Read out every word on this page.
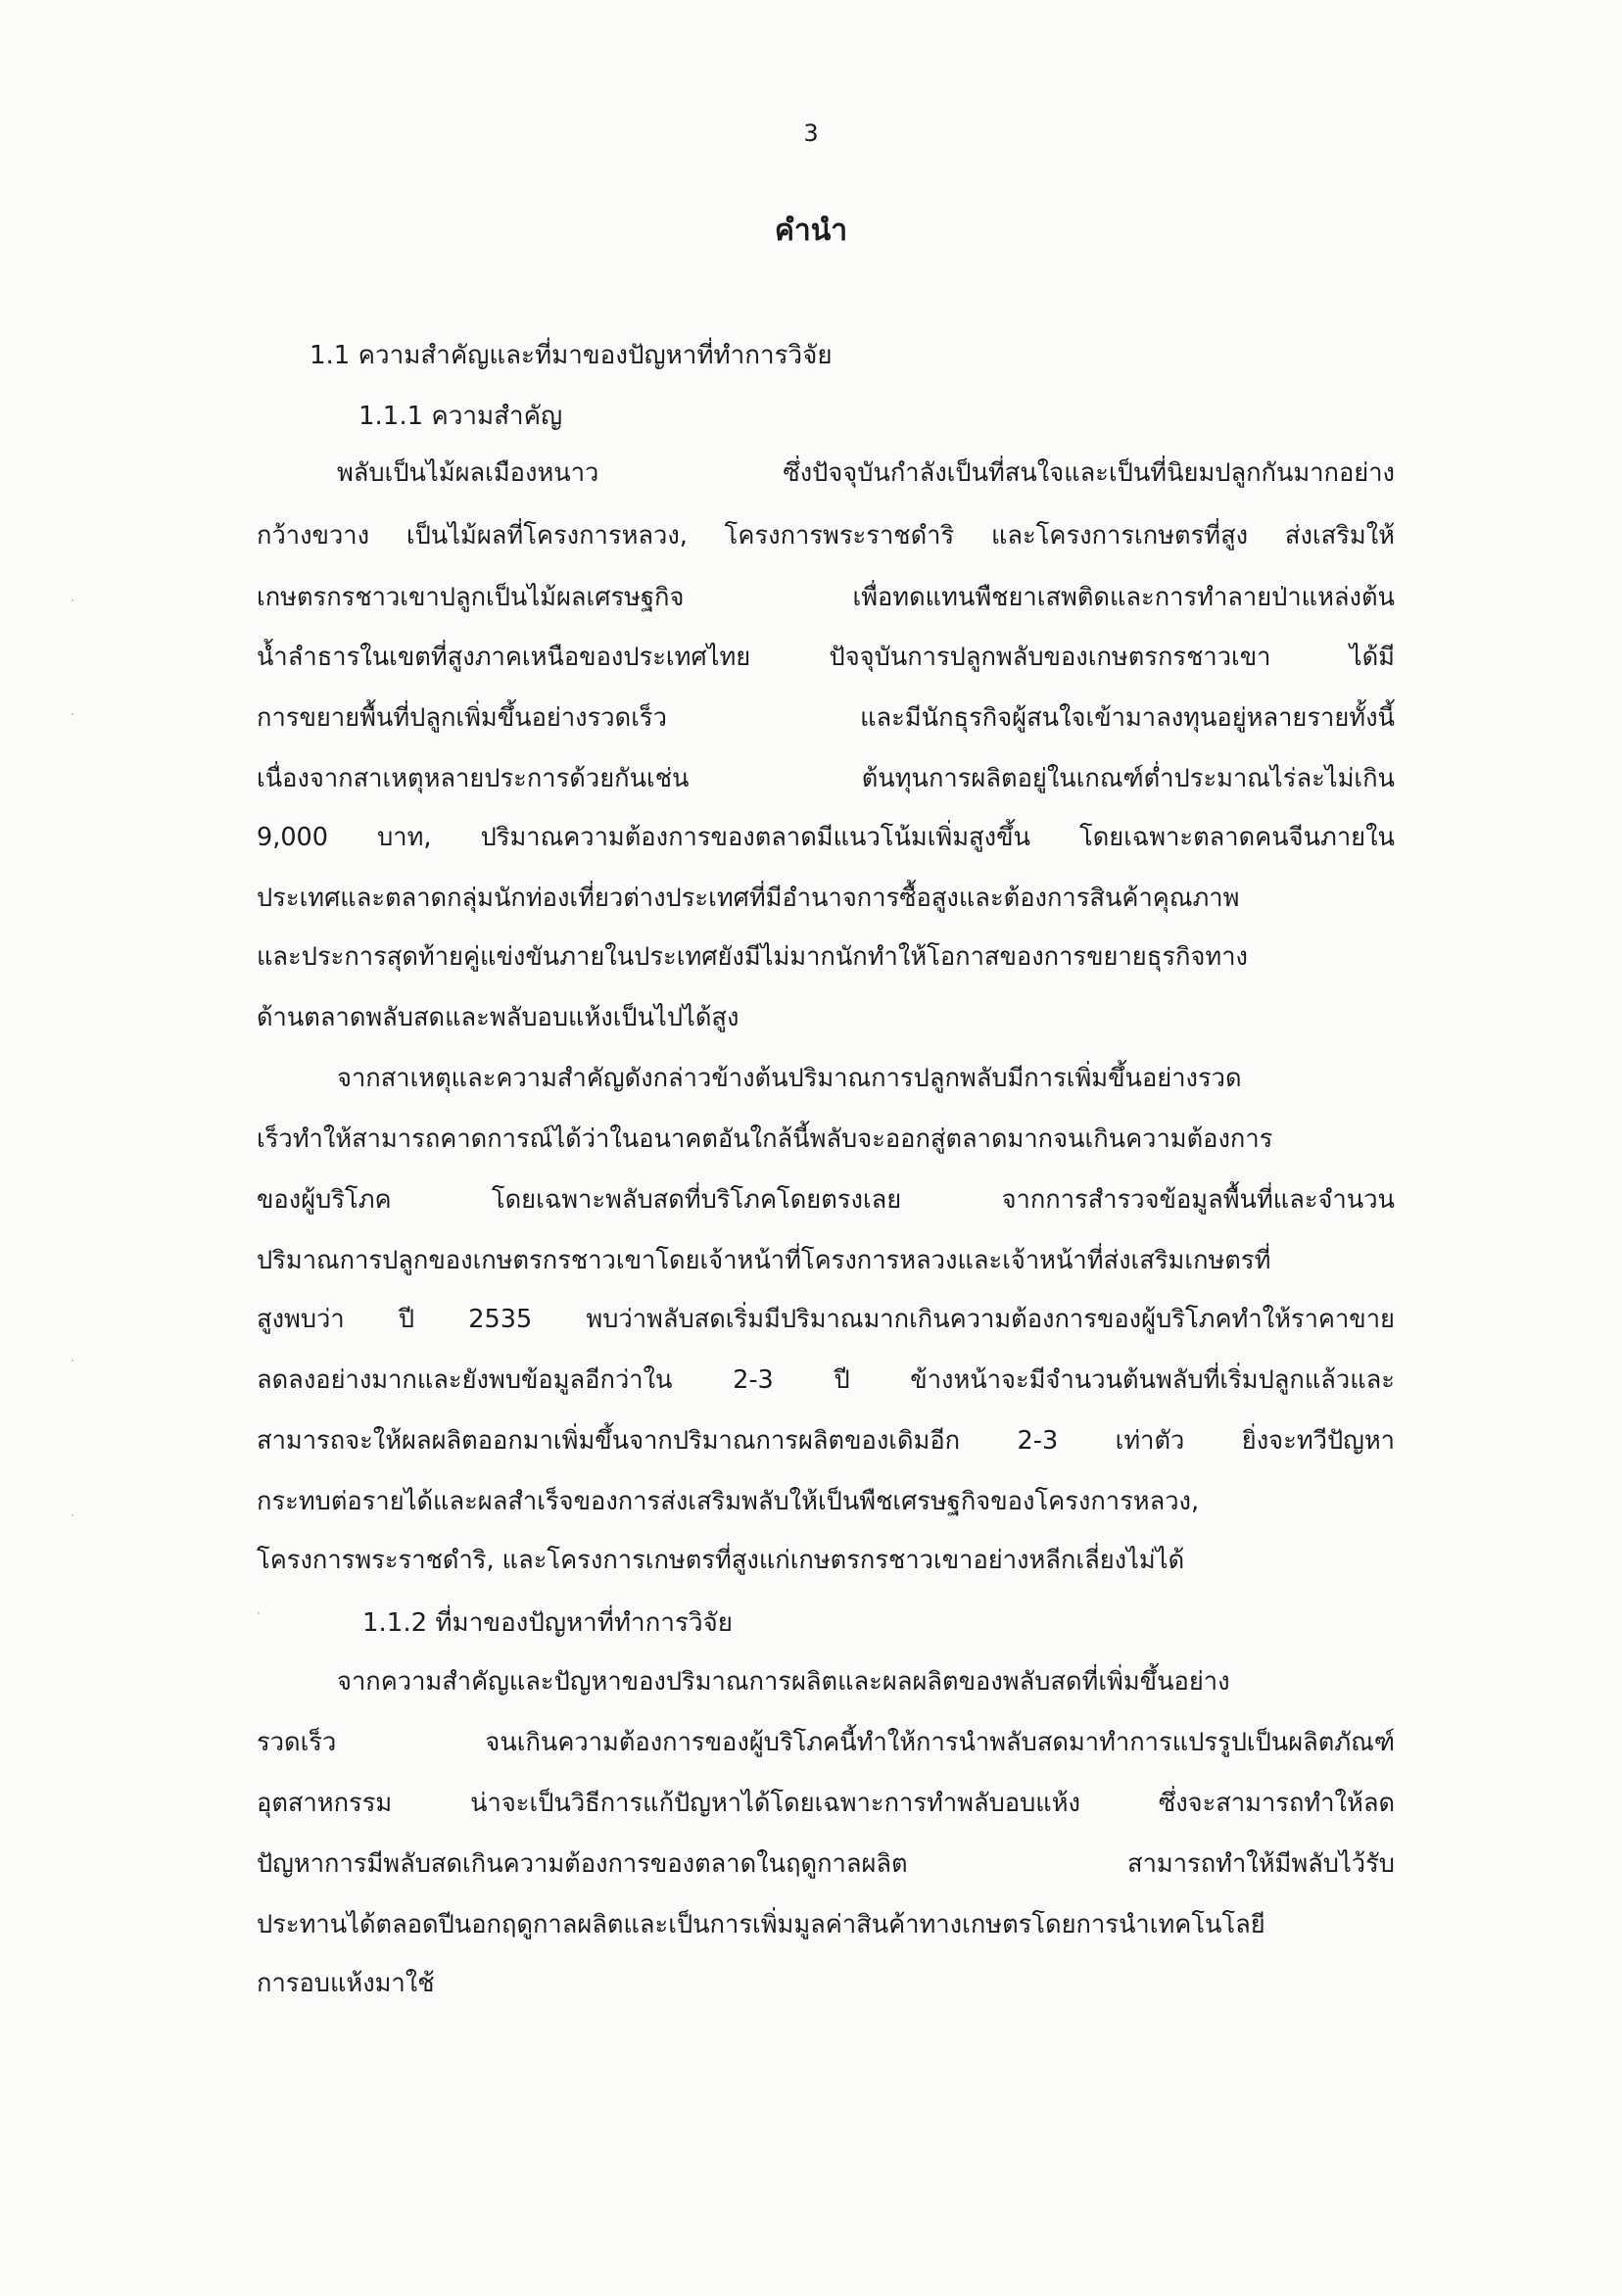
3
คำนำ
1.1 ความสำคัญและที่มาของปัญหาที่ทำการวิจัย
1.1.1 ความสำคัญ
พลับเป็นไม้ผลเมืองหนาว ซึ่งปัจจุบันกำลังเป็นที่สนใจและเป็นที่นิยมปลูกกันมากอย่าง
กว้างขวาง เป็นไม้ผลที่โครงการหลวง, โครงการพระราชดำริ และโครงการเกษตรที่สูง ส่งเสริมให้
เกษตรกรชาวเขาปลูกเป็นไม้ผลเศรษฐกิจ เพื่อทดแทนพืชยาเสพติดและการทำลายป่าแหล่งต้น
น้ำลำธารในเขตที่สูงภาคเหนือของประเทศไทย ปัจจุบันการปลูกพลับของเกษตรกรชาวเขา ได้มี
การขยายพื้นที่ปลูกเพิ่มขึ้นอย่างรวดเร็ว และมีนักธุรกิจผู้สนใจเข้ามาลงทุนอยู่หลายรายทั้งนี้
เนื่องจากสาเหตุหลายประการด้วยกันเช่น ต้นทุนการผลิตอยู่ในเกณฑ์ต่ำประมาณไร่ละไม่เกิน
9,000 บาท, ปริมาณความต้องการของตลาดมีแนวโน้มเพิ่มสูงขึ้น โดยเฉพาะตลาดคนจีนภายใน
ประเทศและตลาดกลุ่มนักท่องเที่ยวต่างประเทศที่มีอำนาจการซื้อสูงและต้องการสินค้าคุณภาพ
และประการสุดท้ายคู่แข่งขันภายในประเทศยังมีไม่มากนักทำให้โอกาสของการขยายธุรกิจทาง
ด้านตลาดพลับสดและพลับอบแห้งเป็นไปได้สูง
จากสาเหตุและความสำคัญดังกล่าวข้างต้นปริมาณการปลูกพลับมีการเพิ่มขึ้นอย่างรวด
เร็วทำให้สามารถคาดการณ์ได้ว่าในอนาคตอันใกล้นี้พลับจะออกสู่ตลาดมากจนเกินความต้องการ
ของผู้บริโภค โดยเฉพาะพลับสดที่บริโภคโดยตรงเลย จากการสำรวจข้อมูลพื้นที่และจำนวน
ปริมาณการปลูกของเกษตรกรชาวเขาโดยเจ้าหน้าที่โครงการหลวงและเจ้าหน้าที่ส่งเสริมเกษตรที่
สูงพบว่า ปี 2535 พบว่าพลับสดเริ่มมีปริมาณมากเกินความต้องการของผู้บริโภคทำให้ราคาขาย
ลดลงอย่างมากและยังพบข้อมูลอีกว่าใน 2-3 ปี ข้างหน้าจะมีจำนวนต้นพลับที่เริ่มปลูกแล้วและ
สามารถจะให้ผลผลิตออกมาเพิ่มขึ้นจากปริมาณการผลิตของเดิมอีก 2-3 เท่าตัว ยิ่งจะทวีปัญหา
กระทบต่อรายได้และผลสำเร็จของการส่งเสริมพลับให้เป็นพืชเศรษฐกิจของโครงการหลวง,
โครงการพระราชดำริ, และโครงการเกษตรที่สูงแก่เกษตรกรชาวเขาอย่างหลีกเลี่ยงไม่ได้
1.1.2 ที่มาของปัญหาที่ทำการวิจัย
จากความสำคัญและปัญหาของปริมาณการผลิตและผลผลิตของพลับสดที่เพิ่มขึ้นอย่าง
รวดเร็ว จนเกินความต้องการของผู้บริโภคนี้ทำให้การนำพลับสดมาทำการแปรรูปเป็นผลิตภัณฑ์
อุตสาหกรรม น่าจะเป็นวิธีการแก้ปัญหาได้โดยเฉพาะการทำพลับอบแห้ง ซึ่งจะสามารถทำให้ลด
ปัญหาการมีพลับสดเกินความต้องการของตลาดในฤดูกาลผลิต สามารถทำให้มีพลับไว้รับ
ประทานได้ตลอดปีนอกฤดูกาลผลิตและเป็นการเพิ่มมูลค่าสินค้าทางเกษตรโดยการนำเทคโนโลยี
การอบแห้งมาใช้
·
·
·
·
·
